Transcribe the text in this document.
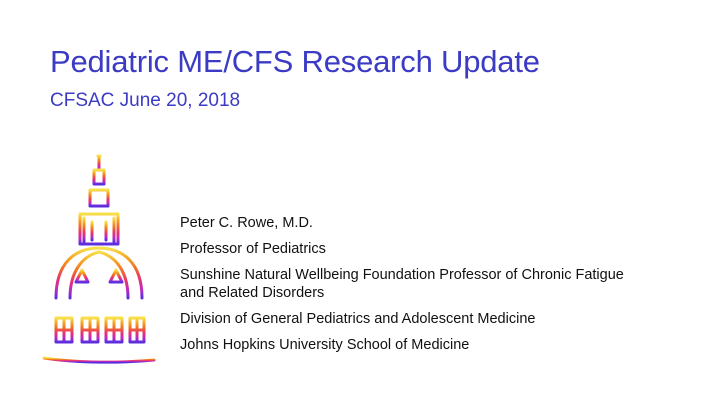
Pediatric ME/CFS Research Update
CFSAC June 20, 2018
Peter C. Rowe, M.D.
Professor of Pediatrics
Sunshine Natural Wellbeing Foundation Professor of Chronic Fatigue and Related Disorders
Division of General Pediatrics and Adolescent Medicine
Johns Hopkins University School of Medicine
